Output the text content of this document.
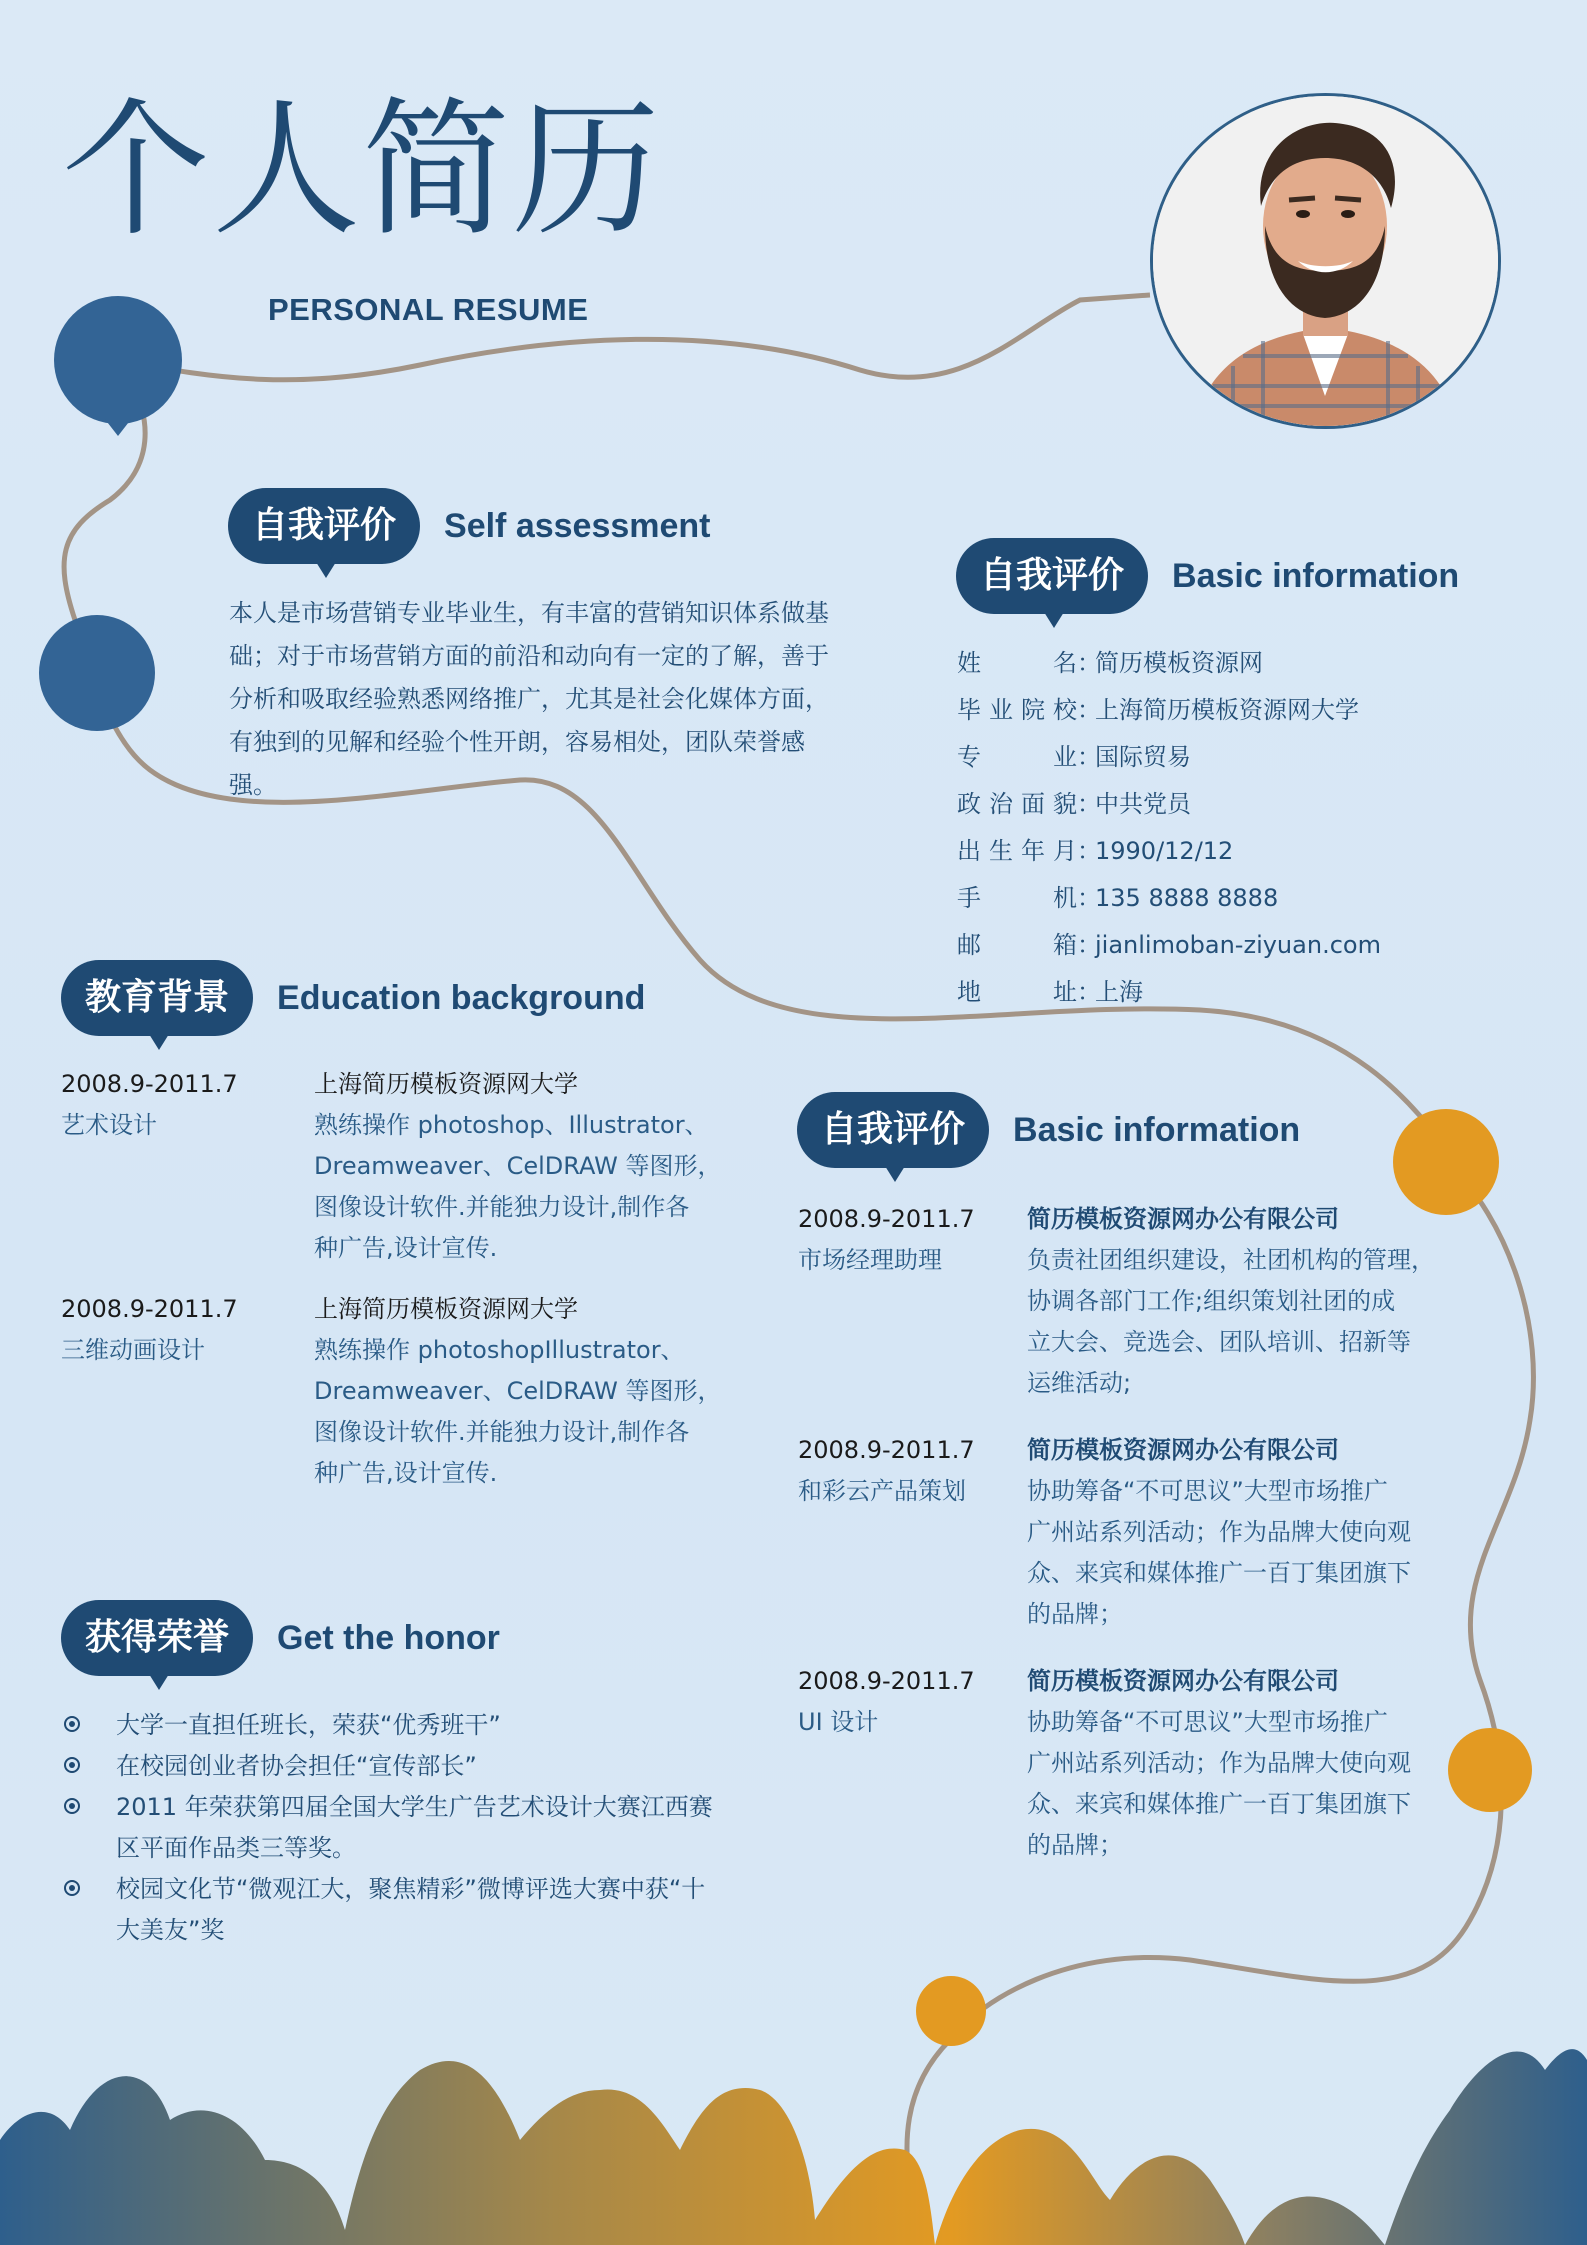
个人简历
PERSONAL RESUME
自我评价	Self assessment
本人是市场营销专业毕业生，有丰富的营销知识体系做基
础；对于市场营销方面的前沿和动向有一定的了解，善于
分析和吸取经验熟悉网络推广，尤其是社会化媒体方面，
有独到的见解和经验个性开朗，容易相处，团队荣誉感强。
自我评价	Basic information
姓名 ：
简历模板资源网
毕业院校 ：
上海简历模板资源网大学
专业 ：
国际贸易
政治面貌 ：
中共党员
出生年月 ：
1990/12/12
手机 ：
135 8888 8888
邮箱 ：
jianlimoban-ziyuan.com
地址 ：
上海
教育背景	Education background
2008.9-2011.7
艺术设计
上海简历模板资源网大学
熟练操作 photoshop、Illustrator、
Dreamweaver、CelDRAW 等图形，
图像设计软件.并能独力设计,制作各
种广告,设计宣传.
2008.9-2011.7
三维动画设计
上海简历模板资源网大学
熟练操作 photoshopIllustrator、
Dreamweaver、CelDRAW 等图形，
图像设计软件.并能独力设计,制作各
种广告,设计宣传.
自我评价	Basic information
2008.9-2011.7
市场经理助理
简历模板资源网办公有限公司
负责社团组织建设，社团机构的管理，
协调各部门工作;组织策划社团的成
立大会、竞选会、团队培训、招新等
运维活动;
2008.9-2011.7
和彩云产品策划
简历模板资源网办公有限公司
协助筹备“不可思议”大型市场推广
广州站系列活动；作为品牌大使向观
众、来宾和媒体推广一百丁集团旗下
的品牌；
2008.9-2011.7
UI 设计
简历模板资源网办公有限公司
协助筹备“不可思议”大型市场推广
广州站系列活动；作为品牌大使向观
众、来宾和媒体推广一百丁集团旗下
的品牌；
获得荣誉	Get the honor
大学一直担任班长，荣获“优秀班干”
在校园创业者协会担任“宣传部长”
2011 年荣获第四届全国大学生广告艺术设计大赛江西赛
区平面作品类三等奖。
校园文化节“微观江大，聚焦精彩”微博评选大赛中获“十
大美友”奖
